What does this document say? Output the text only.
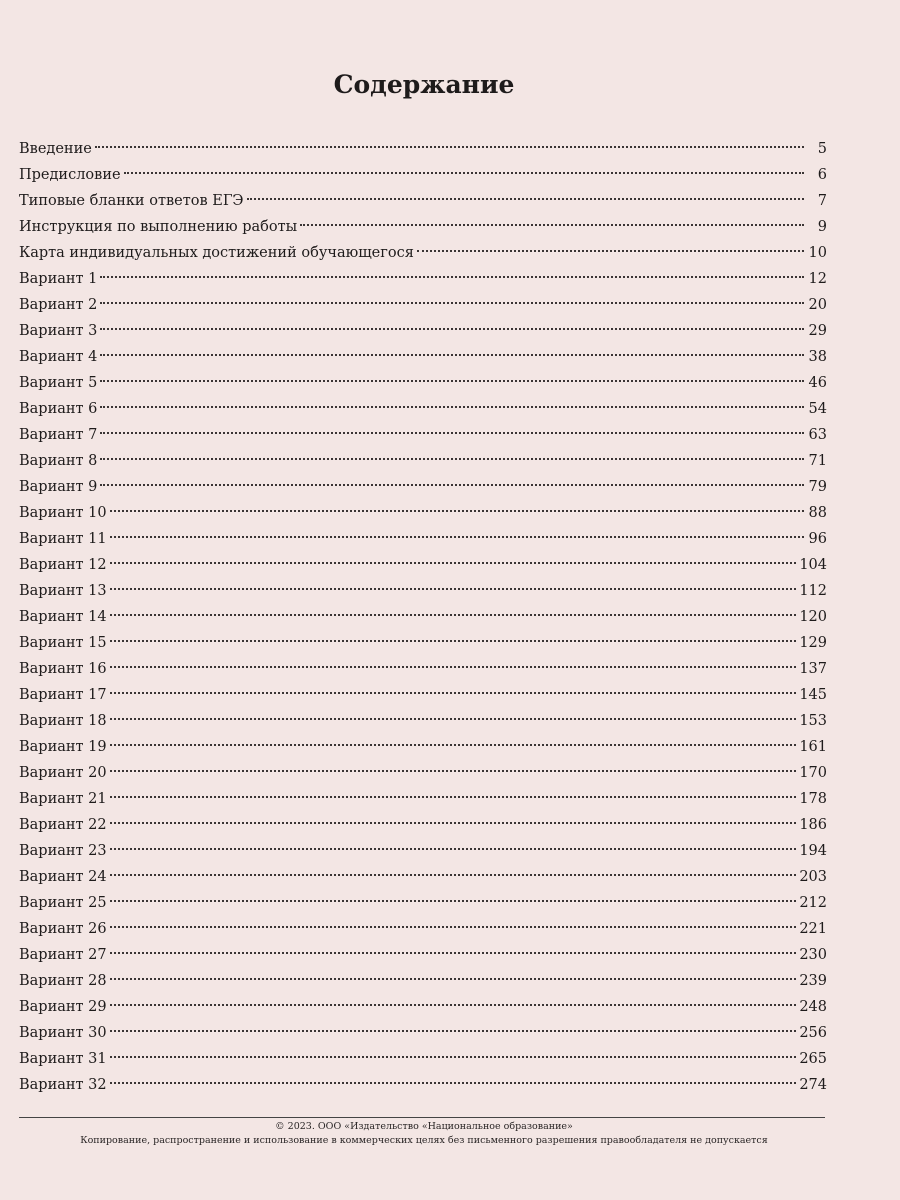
Содержание
Введение	5
Предисловие	6
Типовые бланки ответов ЕГЭ	7
Инструкция по выполнению работы	9
Карта индивидуальных достижений обучающегося	10
Вариант 1	12
Вариант 2	20
Вариант 3	29
Вариант 4	38
Вариант 5	46
Вариант 6	54
Вариант 7	63
Вариант 8	71
Вариант 9	79
Вариант 10	88
Вариант 11	96
Вариант 12	104
Вариант 13	112
Вариант 14	120
Вариант 15	129
Вариант 16	137
Вариант 17	145
Вариант 18	153
Вариант 19	161
Вариант 20	170
Вариант 21	178
Вариант 22	186
Вариант 23	194
Вариант 24	203
Вариант 25	212
Вариант 26	221
Вариант 27	230
Вариант 28	239
Вариант 29	248
Вариант 30	256
Вариант 31	265
Вариант 32	274
© 2023. ООО «Издательство «Национальное образование»
Копирование, распространение и использование в коммерческих целях без письменного разрешения правообладателя не допускается
